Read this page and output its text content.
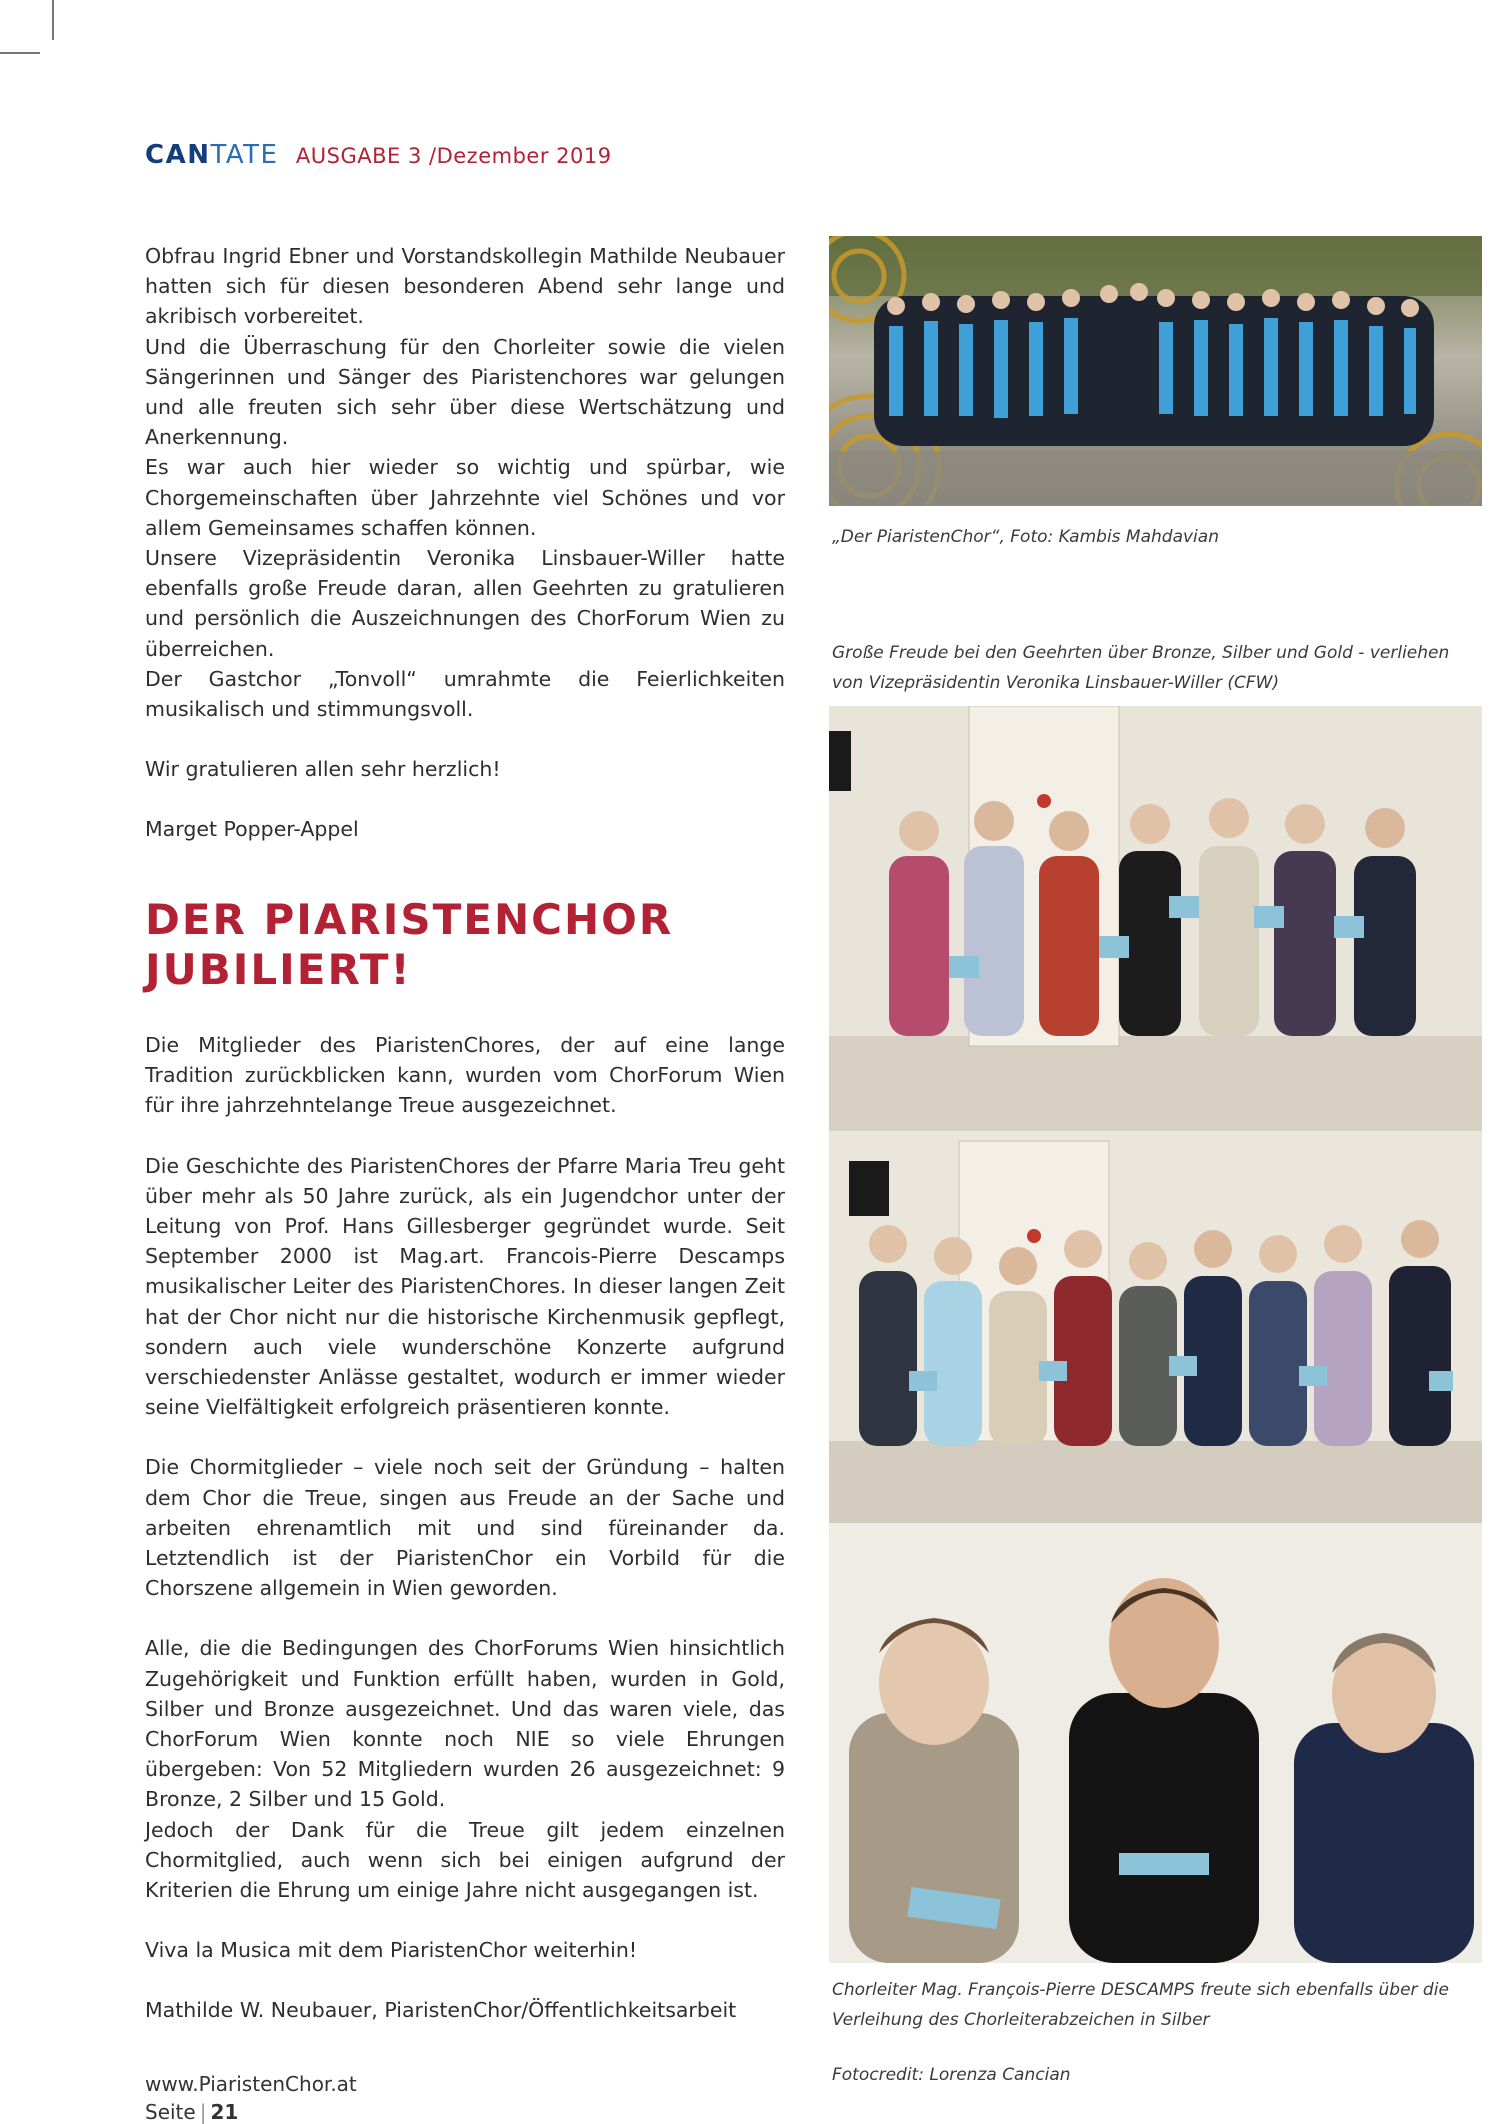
CANTATE AUSGABE 3 /Dezember 2019

Obfrau Ingrid Ebner und Vorstandskollegin Mathilde Neubauer hatten sich für diesen besonderen Abend sehr lange und akribisch vorbereitet.

Und die Überraschung für den Chorleiter sowie die vielen Sängerinnen und Sänger des Piaristenchores war gelungen und alle freuten sich sehr über diese Wertschätzung und Anerkennung.

Es war auch hier wieder so wichtig und spürbar, wie Chorgemeinschaften über Jahrzehnte viel Schönes und vor allem Gemeinsames schaffen können.

Unsere Vizepräsidentin Veronika Linsbauer-Willer hatte ebenfalls große Freude daran, allen Geehrten zu gratulieren und persönlich die Auszeichnungen des ChorForum Wien zu überreichen.

Der Gastchor „Tonvoll“ umrahmte die Feierlichkeiten musikalisch und stimmungsvoll.

Wir gratulieren allen sehr herzlich!

Marget Popper-Appel

DER PIARISTENCHOR JUBILIERT!

Die Mitglieder des PiaristenChores, der auf eine lange Tradition zurückblicken kann, wurden vom ChorForum Wien für ihre jahrzehntelange Treue ausgezeichnet.

Die Geschichte des PiaristenChores der Pfarre Maria Treu geht über mehr als 50 Jahre zurück, als ein Jugendchor unter der Leitung von Prof. Hans Gillesberger gegründet wurde. Seit September 2000 ist Mag.art. Francois-Pierre Descamps musikalischer Leiter des PiaristenChores. In dieser langen Zeit hat der Chor nicht nur die historische Kirchenmusik gepflegt, sondern auch viele wunderschöne Konzerte aufgrund verschiedenster Anlässe gestaltet, wodurch er immer wieder seine Vielfältigkeit erfolgreich präsentieren konnte.

Die Chormitglieder – viele noch seit der Gründung – halten dem Chor die Treue, singen aus Freude an der Sache und arbeiten ehrenamtlich mit und sind füreinander da. Letztendlich ist der PiaristenChor ein Vorbild für die Chorszene allgemein in Wien geworden.

Alle, die die Bedingungen des ChorForums Wien hinsichtlich Zugehörigkeit und Funktion erfüllt haben, wurden in Gold, Silber und Bronze ausgezeichnet. Und das waren viele, das ChorForum Wien konnte noch NIE so viele Ehrungen übergeben: Von 52 Mitgliedern wurden 26 ausgezeichnet: 9 Bronze, 2 Silber und 15 Gold.

Jedoch der Dank für die Treue gilt jedem einzelnen Chormitglied, auch wenn sich bei einigen aufgrund der Kriterien die Ehrung um einige Jahre nicht ausgegangen ist.

Viva la Musica mit dem PiaristenChor weiterhin!

Mathilde W. Neubauer, PiaristenChor/Öffentlichkeitsarbeit

„Der PiaristenChor“, Foto: Kambis Mahdavian
Große Freude bei den Geehrten über Bronze, Silber und Gold - verliehen von Vizepräsidentin Veronika Linsbauer-Willer (CFW)
Chorleiter Mag. François-Pierre DESCAMPS freute sich ebenfalls über die Verleihung des Chorleiterabzeichen in Silber
Fotocredit: Lorenza Cancian
www.PiaristenChor.at
Seite | 21
